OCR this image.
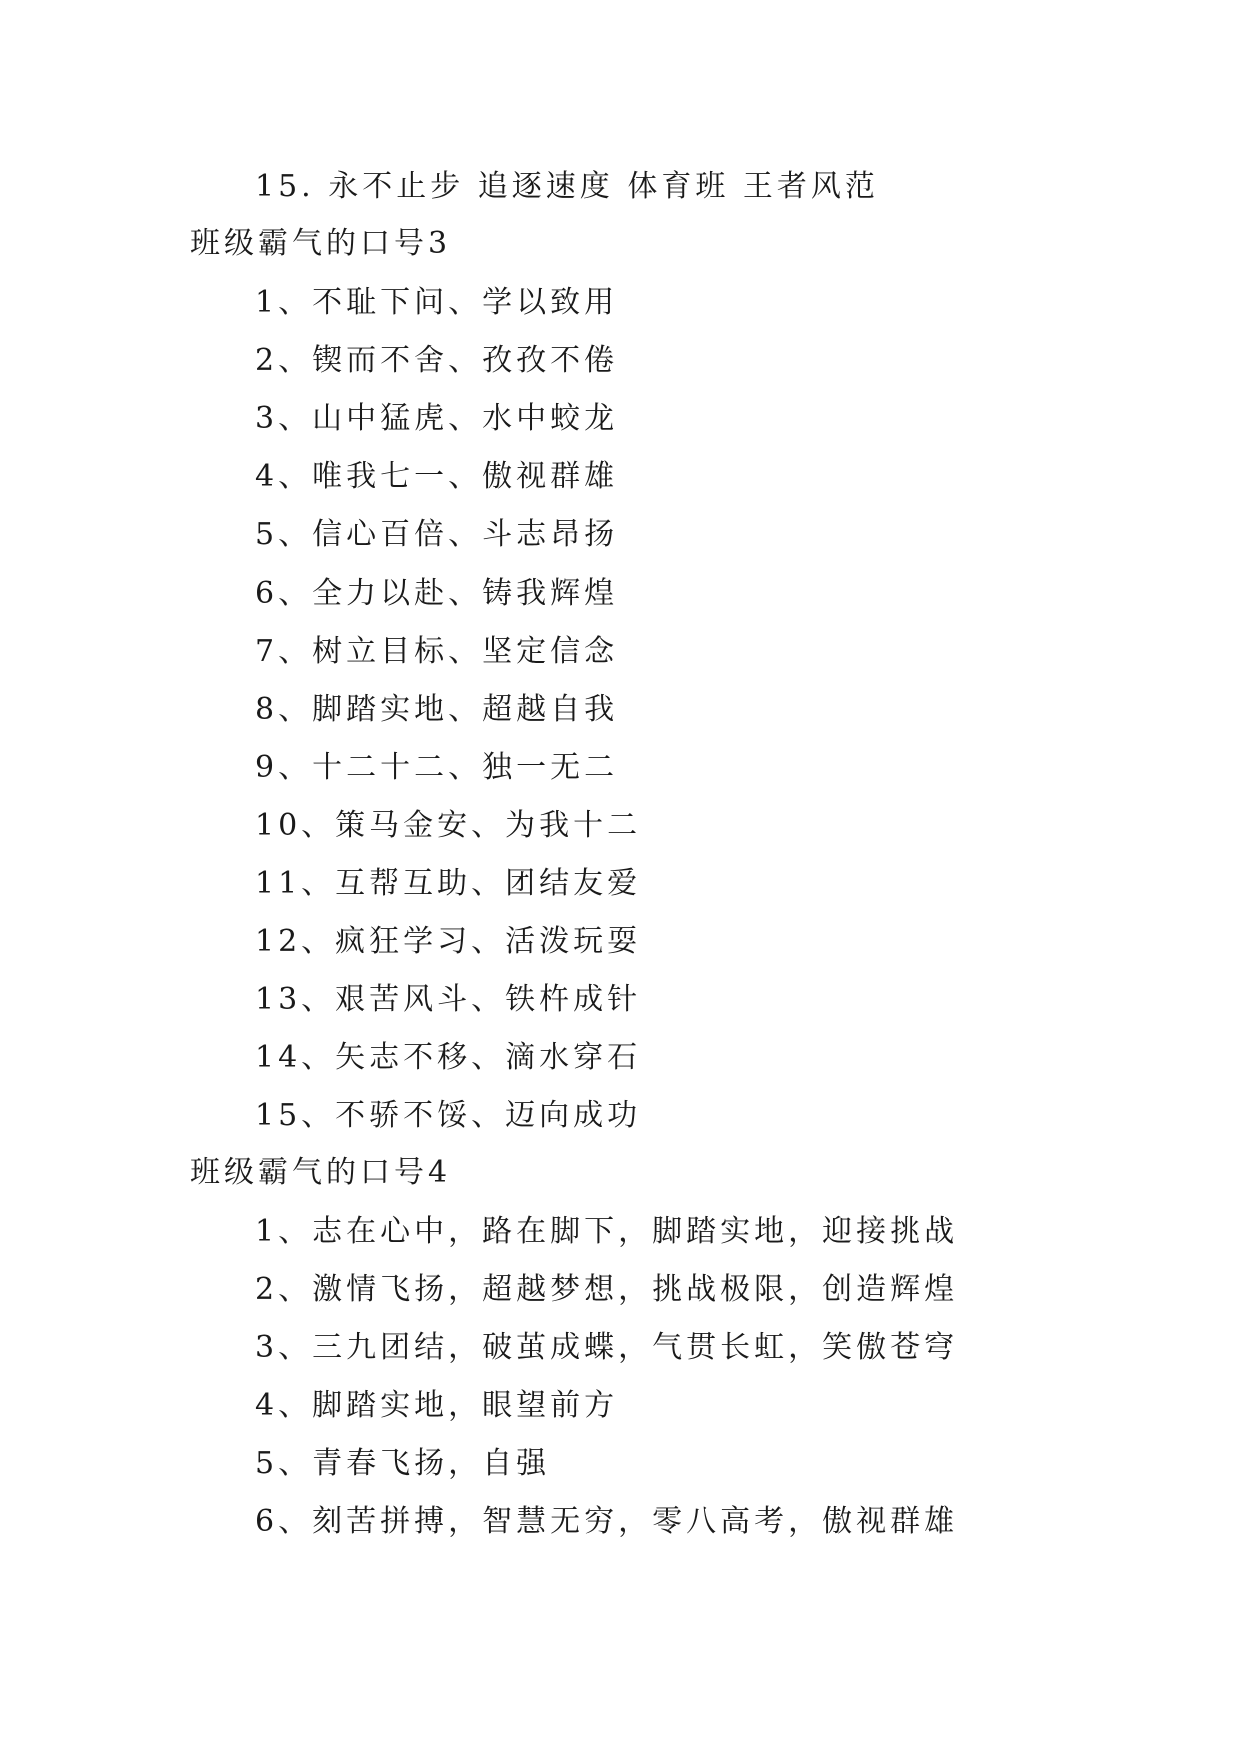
15. 永不止步 追逐速度 体育班 王者风范
班级霸气的口号3
1、不耻下问、学以致用
2、锲而不舍、孜孜不倦
3、山中猛虎、水中蛟龙
4、唯我七一、傲视群雄
5、信心百倍、斗志昂扬
6、全力以赴、铸我辉煌
7、树立目标、坚定信念
8、脚踏实地、超越自我
9、十二十二、独一无二
10、策马金安、为我十二
11、互帮互助、团结友爱
12、疯狂学习、活泼玩耍
13、艰苦风斗、铁杵成针
14、矢志不移、滴水穿石
15、不骄不馁、迈向成功
班级霸气的口号4
1、志在心中，路在脚下，脚踏实地，迎接挑战
2、激情飞扬，超越梦想，挑战极限，创造辉煌
3、三九团结，破茧成蝶，气贯长虹，笑傲苍穹
4、脚踏实地，眼望前方
5、青春飞扬，自强
6、刻苦拼搏，智慧无穷，零八高考，傲视群雄
